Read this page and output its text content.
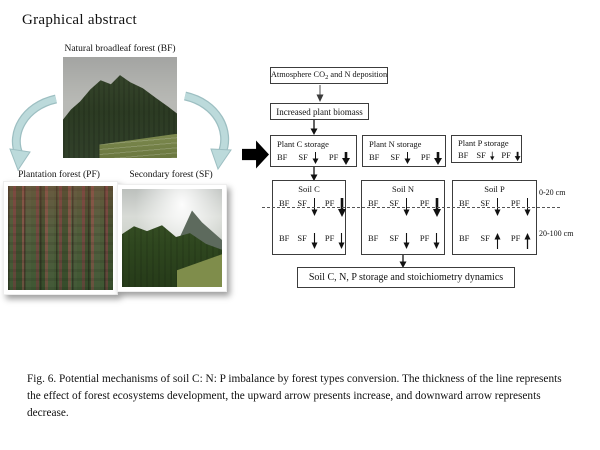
Graphical abstract
Natural broadleaf forest (BF)
Plantation forest (PF)	Secondary forest (SF)
Atmosphere $CO_2$ and N deposition
Increased plant biomass
Plant C storage
BF SF PF
Plant N storage
BF SF PF
Plant P storage
BF SF PF
Soil C
BF SF PF
BF SF PF
Soil N
BF SF PF
BF SF PF
Soil P
BF SF PF
BF SF PF
0-20 cm
20-100 cm
Soil C, N, P storage and stoichiometry dynamics
Fig. 6. Potential mechanisms of soil C: N: P imbalance by forest types conversion. The thickness of the line represents the effect of forest ecosystems development, the upward arrow presents increase, and downward arrow represents decrease.
